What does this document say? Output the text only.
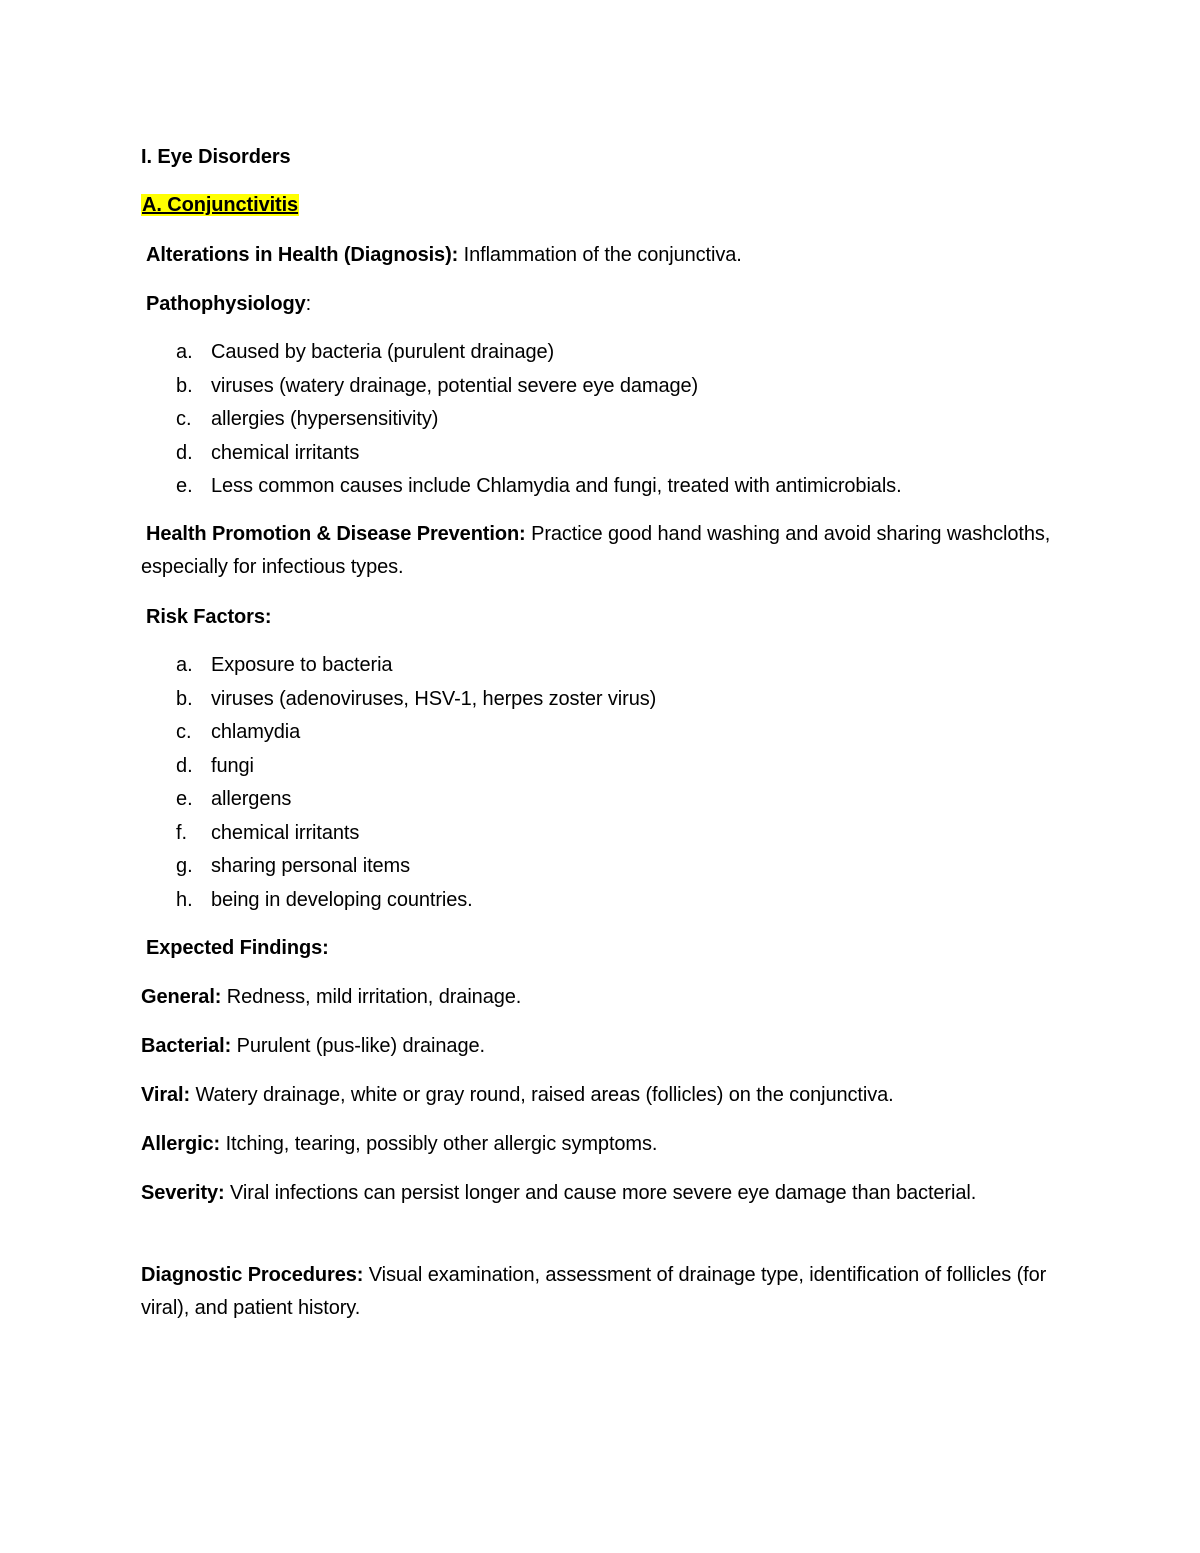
I. Eye Disorders
A. Conjunctivitis
Alterations in Health (Diagnosis): Inflammation of the conjunctiva.
Pathophysiology:
a. Caused by bacteria (purulent drainage)
b. viruses (watery drainage, potential severe eye damage)
c. allergies (hypersensitivity)
d. chemical irritants
e. Less common causes include Chlamydia and fungi, treated with antimicrobials.
Health Promotion & Disease Prevention: Practice good hand washing and avoid sharing washcloths, especially for infectious types.
Risk Factors:
a. Exposure to bacteria
b. viruses (adenoviruses, HSV-1, herpes zoster virus)
c. chlamydia
d. fungi
e. allergens
f. chemical irritants
g. sharing personal items
h. being in developing countries.
Expected Findings:
General: Redness, mild irritation, drainage.
Bacterial: Purulent (pus-like) drainage.
Viral: Watery drainage, white or gray round, raised areas (follicles) on the conjunctiva.
Allergic: Itching, tearing, possibly other allergic symptoms.
Severity: Viral infections can persist longer and cause more severe eye damage than bacterial.
Diagnostic Procedures: Visual examination, assessment of drainage type, identification of follicles (for viral), and patient history.
